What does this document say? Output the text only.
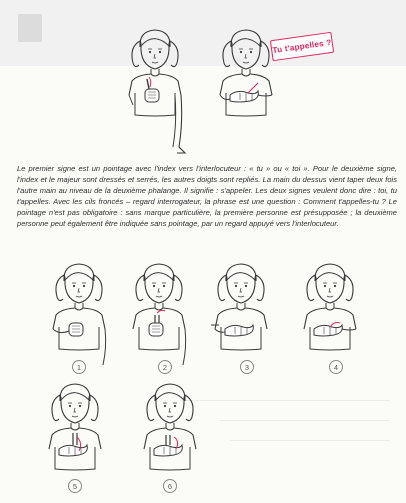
Tu t'appelles ?

Le premier signe est un pointage avec l'index vers l'interlocuteur : « tu » ou « toi ». Pour le deuxième signe, l'index et le majeur sont dressés et serrés, les autres doigts sont repliés. La main du dessus vient taper deux fois l'autre main au niveau de la deuxième phalange. Il signifie : s'appeler. Les deux signes veulent donc dire : toi, tu t'appelles. Avec les cils froncés – regard interrogateur, la phrase est une question : Comment t'appelles-tu ? Le pointage n'est pas obligatoire : sans marque particulière, la première personne est présupposée ; la deuxième personne peut également être indiquée sans pointage, par un regard appuyé vers l'interlocuteur.

1	2	3	4
5	6
